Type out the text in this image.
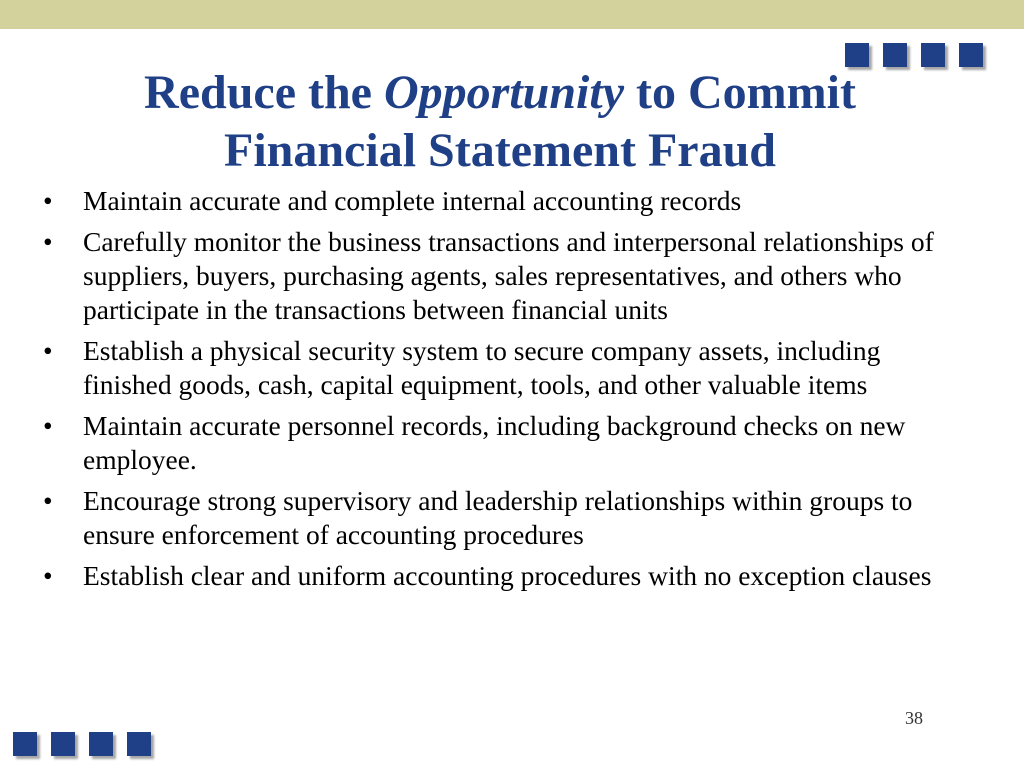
Reduce the Opportunity to Commit
Financial Statement Fraud
• Maintain accurate and complete internal accounting records
• Carefully monitor the business transactions and interpersonal relationships of suppliers, buyers, purchasing agents, sales representatives, and others who participate in the transactions between financial units
• Establish a physical security system to secure company assets, including finished goods, cash, capital equipment, tools, and other valuable items
• Maintain accurate personnel records, including background checks on new employee.
• Encourage strong supervisory and leadership relationships within groups to ensure enforcement of accounting procedures
• Establish clear and uniform accounting procedures with no exception clauses
38
